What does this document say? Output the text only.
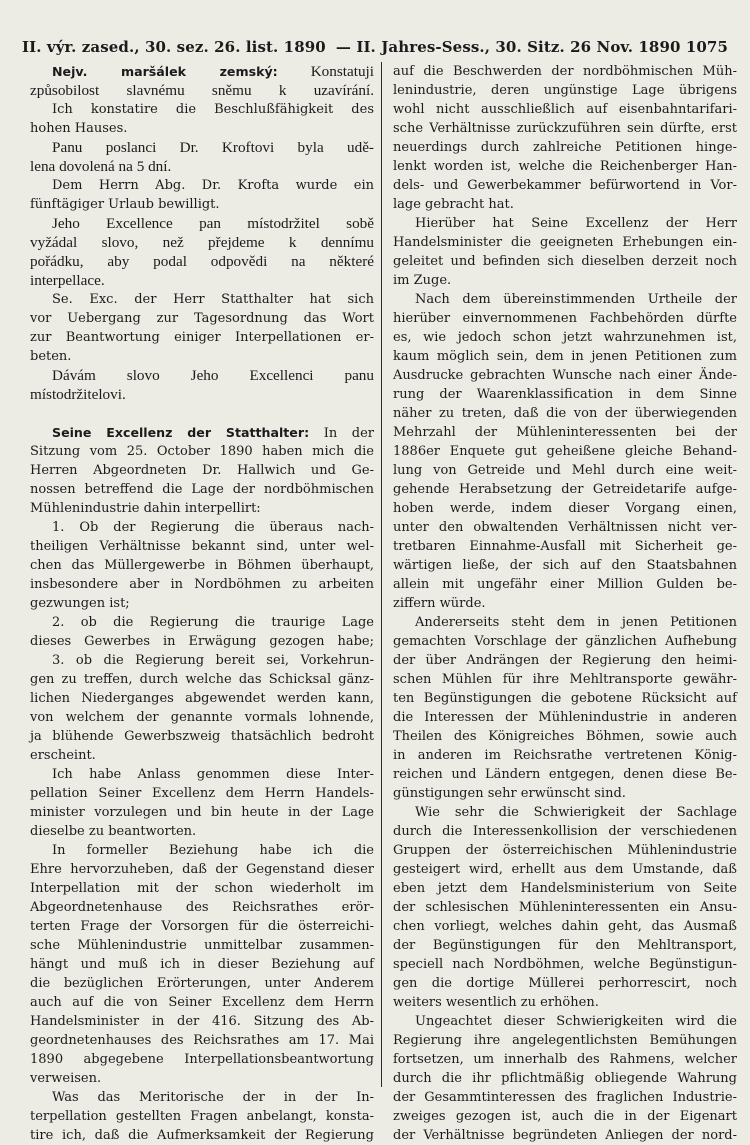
II. výr. zased., 30. sez. 26. list. 1890 — II. Jahres-Sess., 30. Sitz. 26 Nov. 1890 1075
Nejv. maršálek zemský: Konstatuji
způsobilost slavnému sněmu k uzavírání.
Ich konstatire die Beschlußfähigkeit des
hohen Hauses.
Panu poslanci Dr. Kroftovi byla udě-
lena dovolená na 5 dní.
Dem Herrn Abg. Dr. Krofta wurde ein
fünftägiger Urlaub bewilligt.
Jeho Excellence pan místodržitel sobě
vyžádal slovo, než přejdeme k dennímu
pořádku, aby podal odpovědi na některé
interpellace.
Se. Exc. der Herr Statthalter hat sich
vor Uebergang zur Tagesordnung das Wort
zur Beantwortung einiger Interpellationen er-
beten.
Dávám slovo Jeho Excellenci panu
místodržitelovi.
Seine Excellenz der Statthalter: In der
Sitzung vom 25. October 1890 haben mich die
Herren Abgeordneten Dr. Hallwich und Ge-
nossen betreffend die Lage der nordböhmischen
Mühlenindustrie dahin interpellirt:
1. Ob der Regierung die überaus nach-
theiligen Verhältnisse bekannt sind, unter wel-
chen das Müllergewerbe in Böhmen überhaupt,
insbesondere aber in Nordböhmen zu arbeiten
gezwungen ist;
2. ob die Regierung die traurige Lage
dieses Gewerbes in Erwägung gezogen habe;
3. ob die Regierung bereit sei, Vorkehrun-
gen zu treffen, durch welche das Schicksal gänz-
lichen Niederganges abgewendet werden kann,
von welchem der genannte vormals lohnende,
ja blühende Gewerbszweig thatsächlich bedroht
erscheint.
Ich habe Anlass genommen diese Inter-
pellation Seiner Excellenz dem Herrn Handels-
minister vorzulegen und bin heute in der Lage
dieselbe zu beantworten.
In formeller Beziehung habe ich die
Ehre hervorzuheben, daß der Gegenstand dieser
Interpellation mit der schon wiederholt im
Abgeordnetenhause des Reichsrathes erör-
terten Frage der Vorsorgen für die österreichi-
sche Mühlenindustrie unmittelbar zusammen-
hängt und muß ich in dieser Beziehung auf
die bezüglichen Erörterungen, unter Anderem
auch auf die von Seiner Excellenz dem Herrn
Handelsminister in der 416. Sitzung des Ab-
geordnetenhauses des Reichsrathes am 17. Mai
1890 abgegebene Interpellationsbeantwortung
verweisen.
Was das Meritorische der in der In-
terpellation gestellten Fragen anbelangt, konsta-
tire ich, daß die Aufmerksamkeit der Regierung
auf die Beschwerden der nordböhmischen Müh-
lenindustrie, deren ungünstige Lage übrigens
wohl nicht ausschließlich auf eisenbahntarifari-
sche Verhältnisse zurückzuführen sein dürfte, erst
neuerdings durch zahlreiche Petitionen hinge-
lenkt worden ist, welche die Reichenberger Han-
dels- und Gewerbekammer befürwortend in Vor-
lage gebracht hat.
Hierüber hat Seine Excellenz der Herr
Handelsminister die geeigneten Erhebungen ein-
geleitet und befinden sich dieselben derzeit noch
im Zuge.
Nach dem übereinstimmenden Urtheile der
hierüber einvernommenen Fachbehörden dürfte
es, wie jedoch schon jetzt wahrzunehmen ist,
kaum möglich sein, dem in jenen Petitionen zum
Ausdrucke gebrachten Wunsche nach einer Ände-
rung der Waarenklassification in dem Sinne
näher zu treten, daß die von der überwiegenden
Mehrzahl der Mühleninteressenten bei der
1886er Enquete gut geheißene gleiche Behand-
lung von Getreide und Mehl durch eine weit-
gehende Herabsetzung der Getreidetarife aufge-
hoben werde, indem dieser Vorgang einen,
unter den obwaltenden Verhältnissen nicht ver-
tretbaren Einnahme-Ausfall mit Sicherheit ge-
wärtigen ließe, der sich auf den Staatsbahnen
allein mit ungefähr einer Million Gulden be-
ziffern würde.
Andererseits steht dem in jenen Petitionen
gemachten Vorschlage der gänzlichen Aufhebung
der über Andrängen der Regierung den heimi-
schen Mühlen für ihre Mehltransporte gewähr-
ten Begünstigungen die gebotene Rücksicht auf
die Interessen der Mühlenindustrie in anderen
Theilen des Königreiches Böhmen, sowie auch
in anderen im Reichsrathe vertretenen König-
reichen und Ländern entgegen, denen diese Be-
günstigungen sehr erwünscht sind.
Wie sehr die Schwierigkeit der Sachlage
durch die Interessenkollision der verschiedenen
Gruppen der österreichischen Mühlenindustrie
gesteigert wird, erhellt aus dem Umstande, daß
eben jetzt dem Handelsministerium von Seite
der schlesischen Mühleninteressenten ein Ansu-
chen vorliegt, welches dahin geht, das Ausmaß
der Begünstigungen für den Mehltransport,
speciell nach Nordböhmen, welche Begünstigun-
gen die dortige Müllerei perhorrescirt, noch
weiters wesentlich zu erhöhen.
Ungeachtet dieser Schwierigkeiten wird die
Regierung ihre angelegentlichsten Bemühungen
fortsetzen, um innerhalb des Rahmens, welcher
durch die ihr pflichtmäßig obliegende Wahrung
der Gesammtinteressen des fraglichen Industrie-
zweiges gezogen ist, auch die in der Eigenart
der Verhältnisse begründeten Anliegen der nord-
